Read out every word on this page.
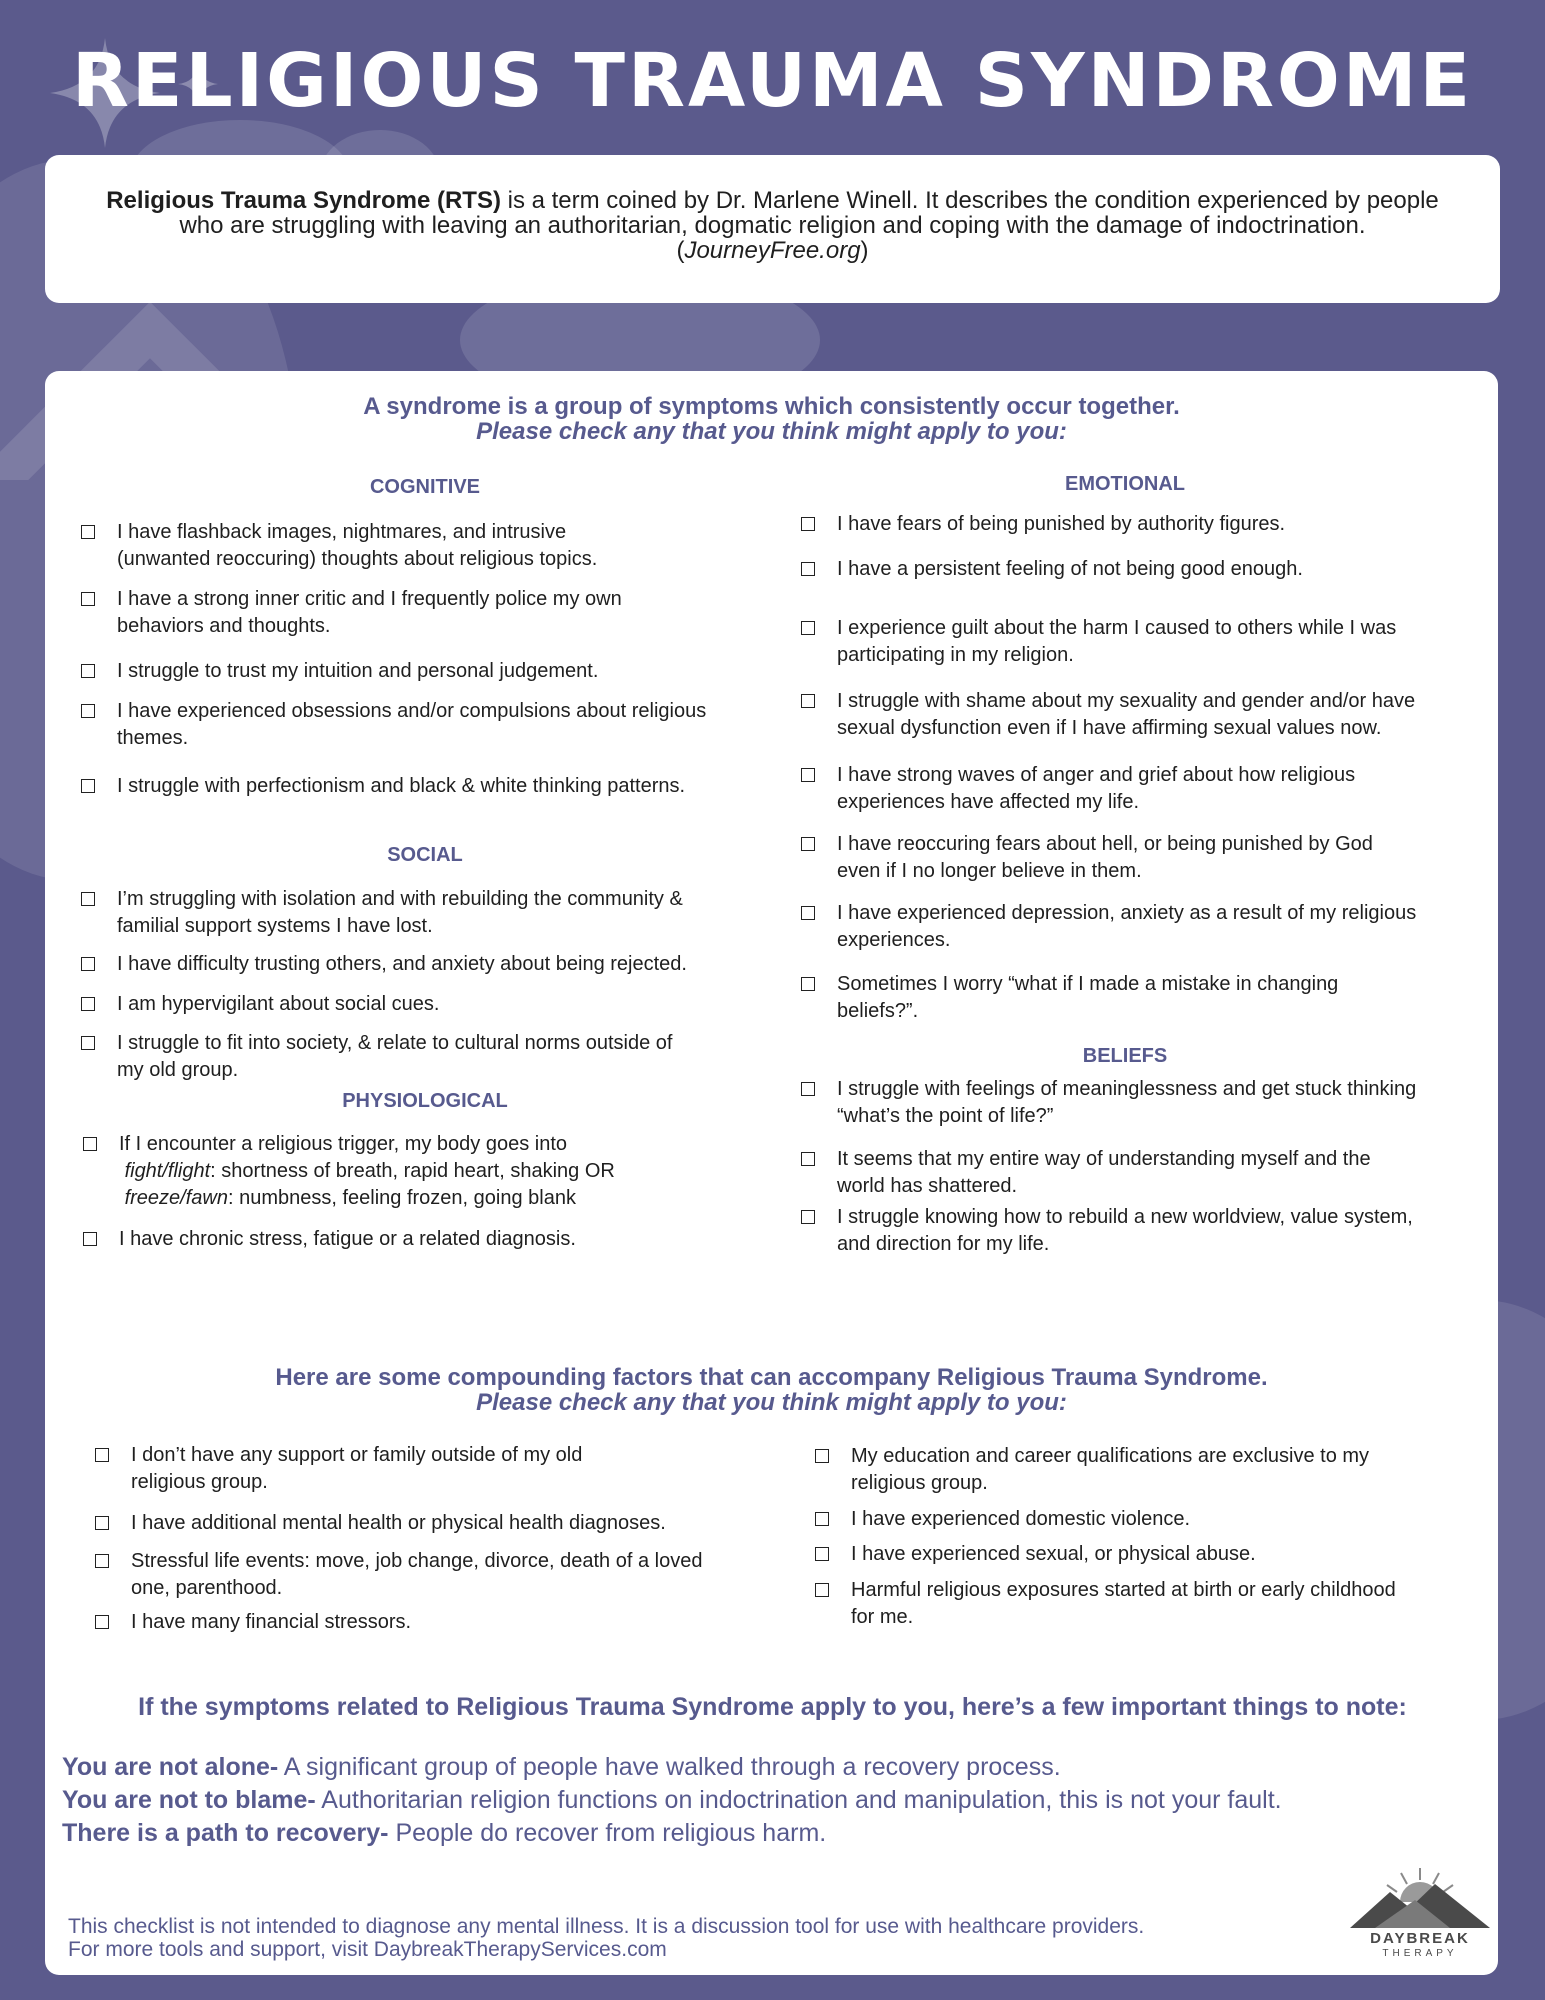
RELIGIOUS TRAUMA SYNDROME
Religious Trauma Syndrome (RTS) is a term coined by Dr. Marlene Winell. It describes the condition experienced by people who are struggling with leaving an authoritarian, dogmatic religion and coping with the damage of indoctrination. (JourneyFree.org)
A syndrome is a group of symptoms which consistently occur together.
Please check any that you think might apply to you:
COGNITIVE
I have flashback images, nightmares, and intrusive
(unwanted reoccuring) thoughts about religious topics.
I have a strong inner critic and I frequently police my own
behaviors and thoughts.
I struggle to trust my intuition and personal judgement.
I have experienced obsessions and/or compulsions about religious
themes.
I struggle with perfectionism and black & white thinking patterns.
SOCIAL
I’m struggling with isolation and with rebuilding the community &
familial support systems I have lost.
I have difficulty trusting others, and anxiety about being rejected.
I am hypervigilant about social cues.
I struggle to fit into society, & relate to cultural norms outside of
my old group.
PHYSIOLOGICAL
If I encounter a religious trigger, my body goes into
fight/flight: shortness of breath, rapid heart, shaking OR
freeze/fawn: numbness, feeling frozen, going blank
I have chronic stress, fatigue or a related diagnosis.
EMOTIONAL
I have fears of being punished by authority figures.
I have a persistent feeling of not being good enough.
I experience guilt about the harm I caused to others while I was
participating in my religion.
I struggle with shame about my sexuality and gender and/or have
sexual dysfunction even if I have affirming sexual values now.
I have strong waves of anger and grief about how religious
experiences have affected my life.
I have reoccuring fears about hell, or being punished by God
even if I no longer believe in them.
I have experienced depression, anxiety as a result of my religious
experiences.
Sometimes I worry “what if I made a mistake in changing
beliefs?”.
BELIEFS
I struggle with feelings of meaninglessness and get stuck thinking
“what’s the point of life?”
It seems that my entire way of understanding myself and the
world has shattered.
I struggle knowing how to rebuild a new worldview, value system,
and direction for my life.
Here are some compounding factors that can accompany Religious Trauma Syndrome.
Please check any that you think might apply to you:
I don’t have any support or family outside of my old
religious group.
I have additional mental health or physical health diagnoses.
Stressful life events: move, job change, divorce, death of a loved
one, parenthood.
I have many financial stressors.
My education and career qualifications are exclusive to my
religious group.
I have experienced domestic violence.
I have experienced sexual, or physical abuse.
Harmful religious exposures started at birth or early childhood
for me.
If the symptoms related to Religious Trauma Syndrome apply to you, here’s a few important things to note:
You are not alone- A significant group of people have walked through a recovery process.
You are not to blame- Authoritarian religion functions on indoctrination and manipulation, this is not your fault.
There is a path to recovery- People do recover from religious harm.
This checklist is not intended to diagnose any mental illness. It is a discussion tool for use with healthcare providers.
For more tools and support, visit DaybreakTherapyServices.com	DAYBREAK
THERAPY
